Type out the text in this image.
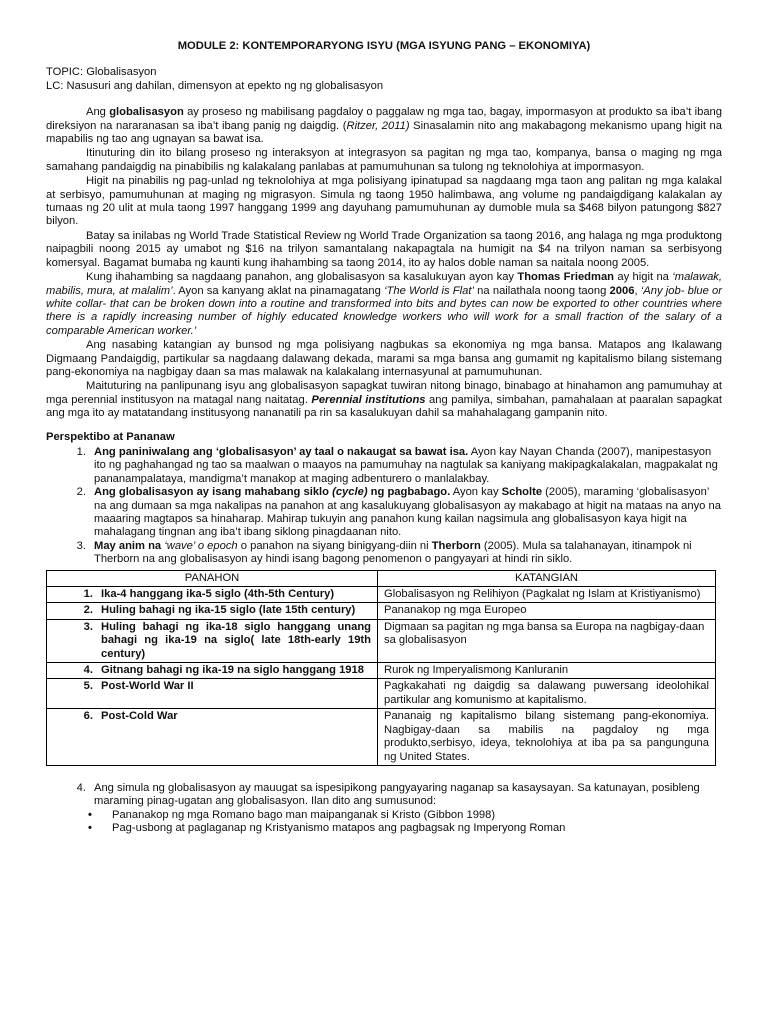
MODULE 2: KONTEMPORARYONG ISYU (MGA ISYUNG PANG – EKONOMIYA)
TOPIC: Globalisasyon
LC: Nasusuri ang dahilan, dimensyon at epekto ng ng globalisasyon

Ang globalisasyon ay proseso ng mabilisang pagdaloy o paggalaw ng mga tao, bagay, impormasyon at produkto sa iba’t ibang direksiyon na nararanasan sa iba’t ibang panig ng daigdig. (Ritzer, 2011) Sinasalamin nito ang makabagong mekanismo upang higit na mapabilis ng tao ang ugnayan sa bawat isa.

Itinuturing din ito bilang proseso ng interaksyon at integrasyon sa pagitan ng mga tao, kompanya, bansa o maging ng mga samahang pandaigdig na pinabibilis ng kalakalang panlabas at pamumuhunan sa tulong ng teknolohiya at impormasyon.

Higit na pinabilis ng pag-unlad ng teknolohiya at mga polisiyang ipinatupad sa nagdaang mga taon ang palitan ng mga kalakal at serbisyo, pamumuhunan at maging ng migrasyon. Simula ng taong 1950 halimbawa, ang volume ng pandaigdigang kalakalan ay tumaas ng 20 ulit at mula taong 1997 hanggang 1999 ang dayuhang pamumuhunan ay dumoble mula sa $468 bilyon patungong $827 bilyon.

Batay sa inilabas ng World Trade Statistical Review ng World Trade Organization sa taong 2016, ang halaga ng mga produktong naipagbili noong 2015 ay umabot ng $16 na trilyon samantalang nakapagtala na humigit na $4 na trilyon naman sa serbisyong komersyal. Bagamat bumaba ng kaunti kung ihahambing sa taong 2014, ito ay halos doble naman sa naitala noong 2005.

Kung ihahambing sa nagdaang panahon, ang globalisasyon sa kasalukuyan ayon kay Thomas Friedman ay higit na ‘malawak, mabilis, mura, at malalim’. Ayon sa kanyang aklat na pinamagatang ‘The World is Flat’ na nailathala noong taong 2006, ‘Any job- blue or white collar- that can be broken down into a routine and transformed into bits and bytes can now be exported to other countries where there is a rapidly increasing number of highly educated knowledge workers who will work for a small fraction of the salary of a comparable American worker.’

Ang nasabing katangian ay bunsod ng mga polisiyang nagbukas sa ekonomiya ng mga bansa. Matapos ang Ikalawang Digmaang Pandaigdig, partikular sa nagdaang dalawang dekada, marami sa mga bansa ang gumamit ng kapitalismo bilang sistemang pang-ekonomiya na nagbigay daan sa mas malawak na kalakalang internasyunal at pamumuhunan.

Maituturing na panlipunang isyu ang globalisasyon sapagkat tuwiran nitong binago, binabago at hinahamon ang pamumuhay at mga perennial institusyon na matagal nang naitatag. Perennial institutions ang pamilya, simbahan, pamahalaan at paaralan sapagkat ang mga ito ay matatandang institusyong nananatili pa rin sa kasalukuyan dahil sa mahahalagang gampanin nito.

Perspektibo at Pananaw
1. Ang paniniwalang ang ‘globalisasyon’ ay taal o nakaugat sa bawat isa. Ayon kay Nayan Chanda (2007), manipestasyon ito ng paghahangad ng tao sa maalwan o maayos na pamumuhay na nagtulak sa kaniyang makipagkalakalan, magpakalat ng pananampalataya, mandigma’t manakop at maging adbenturero o manlalakbay.
2. Ang globalisasyon ay isang mahabang siklo (cycle) ng pagbabago. Ayon kay Scholte (2005), maraming ‘globalisasyon’ na ang dumaan sa mga nakalipas na panahon at ang kasalukuyang globalisasyon ay makabago at higit na mataas na anyo na maaaring magtapos sa hinaharap. Mahirap tukuyin ang panahon kung kailan nagsimula ang globalisasyon kaya higit na mahalagang tingnan ang iba’t ibang siklong pinagdaanan nito.
3. May anim na ‘wave’ o epoch o panahon na siyang binigyang-diin ni Therborn (2005). Mula sa talahanayan, itinampok ni Therborn na ang globalisasyon ay hindi isang bagong penomenon o pangyayari at hindi rin siklo.
PANAHON	KATANGIAN

1. Ika-4 hanggang ika-5 siglo (4th-5th Century)	Globalisasyon ng Relihiyon (Pagkalat ng Islam at Kristiyanismo)

2. Huling bahagi ng ika-15 siglo (late 15th century)	Pananakop ng mga Europeo

3. Huling bahagi ng ika-18 siglo hanggang unang bahagi ng ika-19 na siglo( late 18th-early 19th century)	Digmaan sa pagitan ng mga bansa sa Europa na nagbigay-daan sa globalisasyon

4. Gitnang bahagi ng ika-19 na siglo hanggang 1918	Rurok ng Imperyalismong Kanluranin

5. Post-World War II	Pagkakahati ng daigdig sa dalawang puwersang ideolohikal partikular ang komunismo at kapitalismo.

6. Post-Cold War	Pananaig ng kapitalismo bilang sistemang pang-ekonomiya. Nagbigay-daan sa mabilis na pagdaloy ng mga produkto,serbisyo, ideya, teknolohiya at iba pa sa pangunguna ng United States.
4. Ang simula ng globalisasyon ay mauugat sa ispesipikong pangyayaring naganap sa kasaysayan. Sa katunayan, posibleng maraming pinag-ugatan ang globalisasyon. Ilan dito ang sumusunod:
• Pananakop ng mga Romano bago man maipanganak si Kristo (Gibbon 1998)
• Pag-usbong at paglaganap ng Kristyanismo matapos ang pagbagsak ng Imperyong Roman
